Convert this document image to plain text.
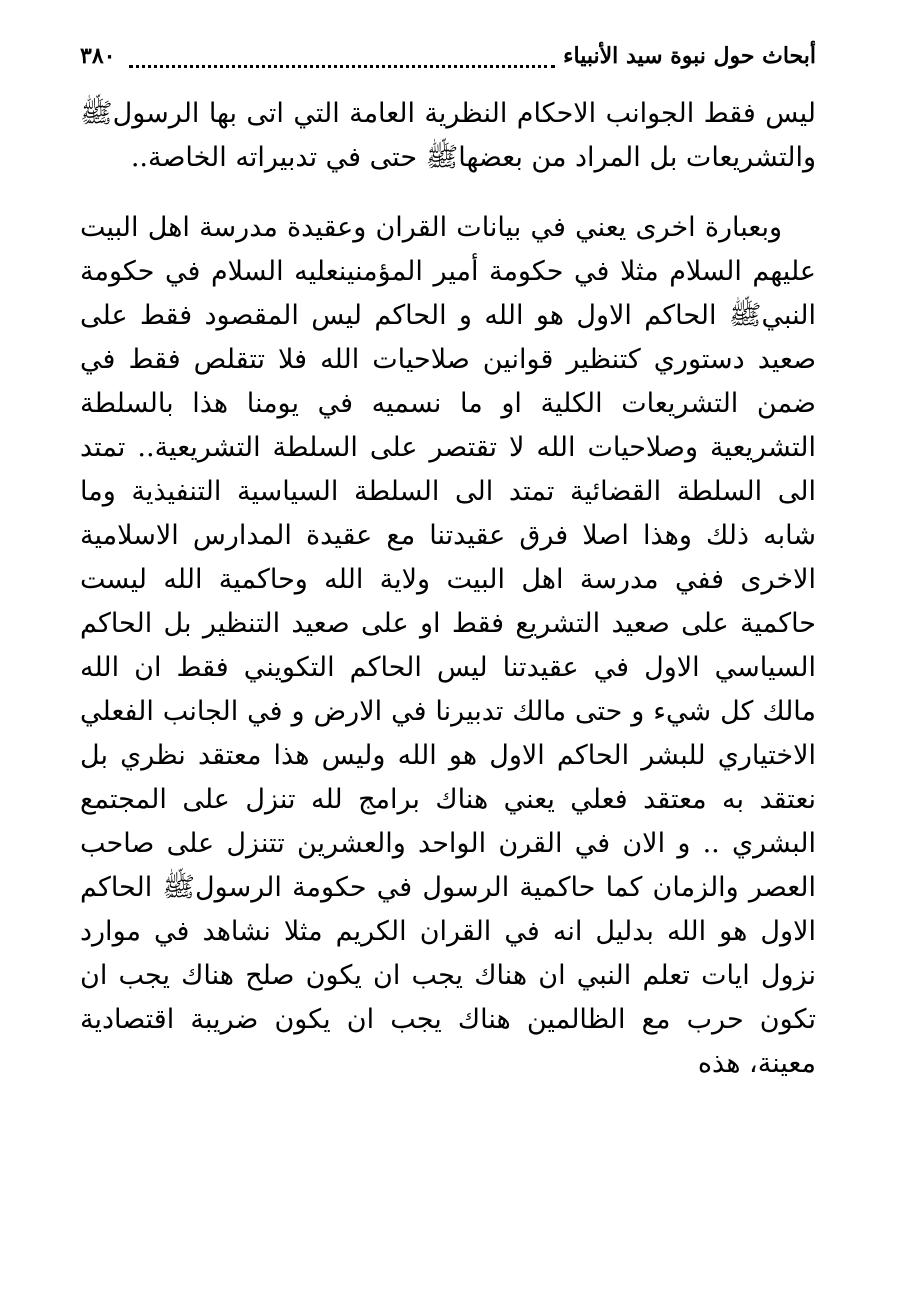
٣٨٠	أبحاث حول نبوة سيد الأنبياء

ليس فقط الجوانب الاحكام النظرية العامة التي اتى بها الرسولﷺ والتشريعات بل المراد من بعضهاﷺ حتى في تدبيراته الخاصة..

وبعبارة اخرى يعني في بيانات القران وعقيدة مدرسة اهل البيت عليهم السلام مثلا في حكومة أمير المؤمنينعليه السلام في حكومة النبيﷺ الحاكم الاول هو الله و الحاكم ليس المقصود فقط على صعيد دستوري كتنظير قوانين صلاحيات الله فلا تتقلص فقط في ضمن التشريعات الكلية او ما نسميه في يومنا هذا بالسلطة التشريعية وصلاحيات الله لا تقتصر على السلطة التشريعية.. تمتد الى السلطة القضائية تمتد الى السلطة السياسية التنفيذية وما شابه ذلك وهذا اصلا فرق عقيدتنا مع عقيدة المدارس الاسلامية الاخرى ففي مدرسة اهل البيت ولاية الله وحاكمية الله ليست حاكمية على صعيد التشريع فقط او على صعيد التنظير بل الحاكم السياسي الاول في عقيدتنا ليس الحاكم التكويني فقط ان الله مالك كل شيء و حتى مالك تدبيرنا في الارض و في الجانب الفعلي الاختياري للبشر الحاكم الاول هو الله وليس هذا معتقد نظري بل نعتقد به معتقد فعلي يعني هناك برامج لله تنزل على المجتمع البشري .. و الان في القرن الواحد والعشرين تتنزل على صاحب العصر والزمان كما حاكمية الرسول في حكومة الرسولﷺ الحاكم الاول هو الله بدليل انه في القران الكريم مثلا نشاهد في موارد نزول ايات تعلم النبي ان هناك يجب ان يكون صلح هناك يجب ان تكون حرب مع الظالمين هناك يجب ان يكون ضريبة اقتصادية معينة، هذه
